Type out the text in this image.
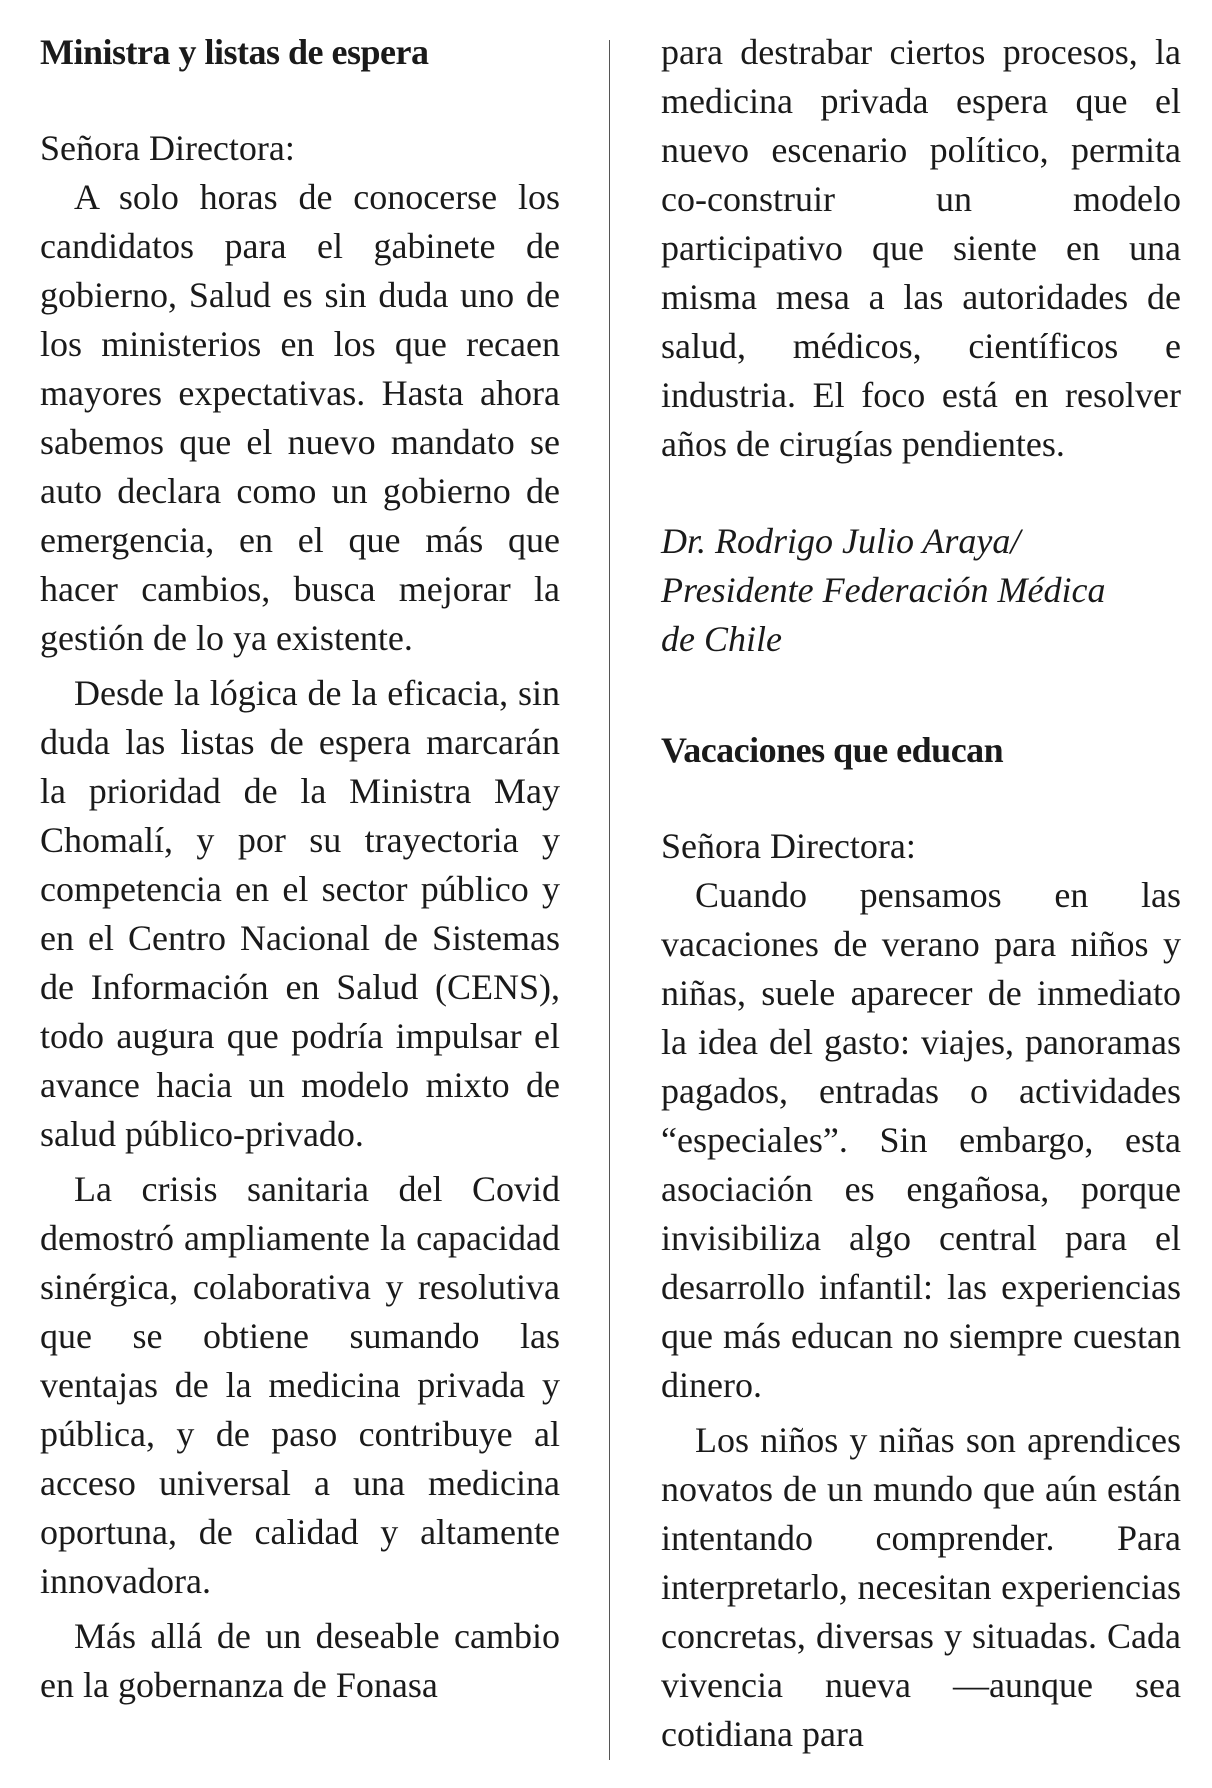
Ministra y listas de espera

Señora Directora:

A solo horas de conocerse los candidatos para el gabinete de gobierno, Salud es sin duda uno de los ministerios en los que recaen mayores expectativas. Hasta ahora sabemos que el nuevo mandato se auto declara como un gobierno de emergencia, en el que más que hacer cambios, busca mejorar la gestión de lo ya existente.

Desde la lógica de la eficacia, sin duda las listas de espera marcarán la prioridad de la Ministra May Chomalí, y por su trayectoria y competencia en el sector público y en el Centro Nacional de Sistemas de Información en Salud (CENS), todo augura que podría impulsar el avance hacia un modelo mixto de salud público-privado.

La crisis sanitaria del Covid demostró ampliamente la capacidad sinérgica, colaborativa y resolutiva que se obtiene sumando las ventajas de la medicina privada y pública, y de paso contribuye al acceso universal a una medicina oportuna, de calidad y altamente innovadora.

Más allá de un deseable cambio en la gobernanza de Fonasa

para destrabar ciertos procesos, la medicina privada espera que el nuevo escenario político, permita co-construir un modelo participativo que siente en una misma mesa a las autoridades de salud, médicos, científicos e industria. El foco está en resolver años de cirugías pendientes.

Dr. Rodrigo Julio Araya/
Presidente Federación Médica
de Chile

Vacaciones que educan

Señora Directora:

Cuando pensamos en las vacaciones de verano para niños y niñas, suele aparecer de inmediato la idea del gasto: viajes, panoramas pagados, entradas o actividades “especiales”. Sin embargo, esta asociación es engañosa, porque invisibiliza algo central para el desarrollo infantil: las experiencias que más educan no siempre cuestan dinero.

Los niños y niñas son aprendices novatos de un mundo que aún están intentando comprender. Para interpretarlo, necesitan experiencias concretas, diversas y situadas. Cada vivencia nueva —aunque sea cotidiana para
